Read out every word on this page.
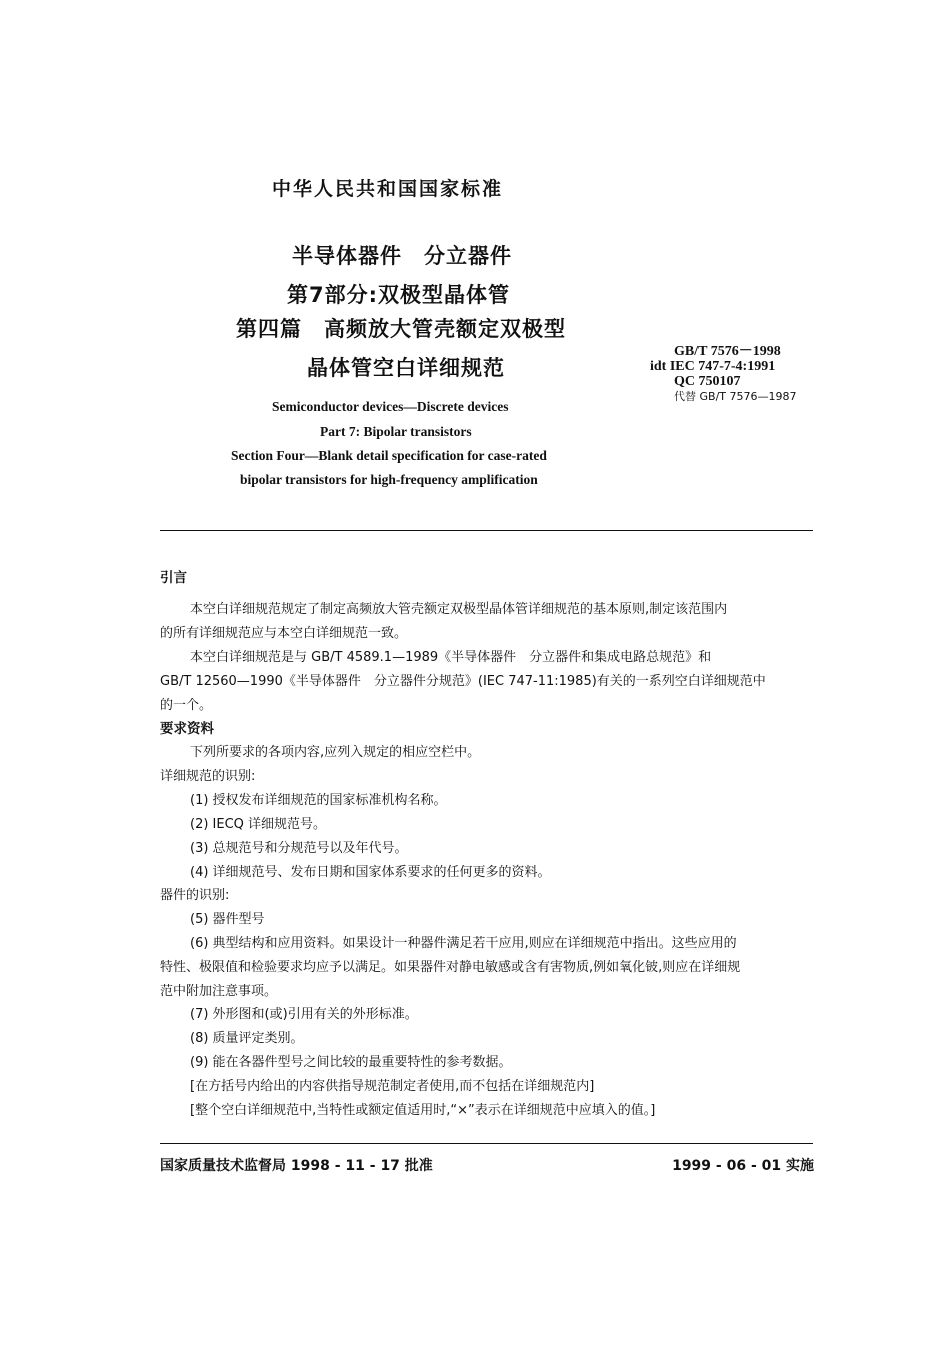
中华人民共和国国家标准
半导体器件　分立器件
第7部分:双极型晶体管
第四篇　高频放大管壳额定双极型
晶体管空白详细规范
GB/T 7576－1998
idt IEC 747-7-4:1991
QC 750107
代替 GB/T 7576—1987
Semiconductor devices—Discrete devices
Part 7: Bipolar transistors
Section Four—Blank detail specification for case-rated
bipolar transistors for high-frequency amplification
引言
本空白详细规范规定了制定高频放大管壳额定双极型晶体管详细规范的基本原则,制定该范围内
的所有详细规范应与本空白详细规范一致。
本空白详细规范是与 GB/T 4589.1—1989《半导体器件　分立器件和集成电路总规范》和
GB/T 12560—1990《半导体器件　分立器件分规范》(IEC 747-11:1985)有关的一系列空白详细规范中
的一个。
要求资料
下列所要求的各项内容,应列入规定的相应空栏中。
详细规范的识别:
(1) 授权发布详细规范的国家标准机构名称。
(2) IECQ 详细规范号。
(3) 总规范号和分规范号以及年代号。
(4) 详细规范号、发布日期和国家体系要求的任何更多的资料。
器件的识别:
(5) 器件型号
(6) 典型结构和应用资料。如果设计一种器件满足若干应用,则应在详细规范中指出。这些应用的
特性、极限值和检验要求均应予以满足。如果器件对静电敏感或含有害物质,例如氧化铍,则应在详细规
范中附加注意事项。
(7) 外形图和(或)引用有关的外形标准。
(8) 质量评定类别。
(9) 能在各器件型号之间比较的最重要特性的参考数据。
[在方括号内给出的内容供指导规范制定者使用,而不包括在详细规范内]
[整个空白详细规范中,当特性或额定值适用时,“×”表示在详细规范中应填入的值。]
国家质量技术监督局 1998 - 11 - 17 批准	1999 - 06 - 01 实施
